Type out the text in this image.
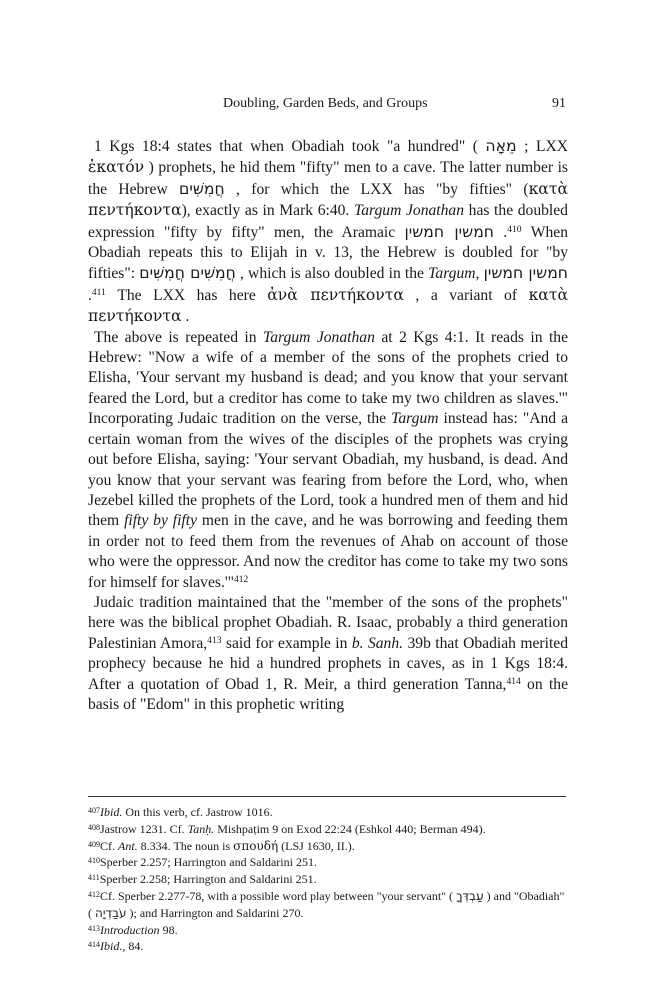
Doubling, Garden Beds, and Groups	91

1 Kgs 18:4 states that when Obadiah took "a hundred" ( מֵאָה ; LXX ἑκατόν ) prophets, he hid them "fifty" men to a cave. The latter number is the Hebrew חֲמִשִּׁים , for which the LXX has "by fifties" (κατὰ πεντήκοντα), exactly as in Mark 6:40. Targum Jonathan has the doubled expression "fifty by fifty" men, the Aramaic חמשין חמשין .$^{410}$ When Obadiah repeats this to Elijah in v. 13, the Hebrew is doubled for "by fifties": חֲמִשִּׁים חֲמִשִּׁים , which is also doubled in the Targum, חמשין חמשין .$^{411}$ The LXX has here ἀνὰ πεντήκοντα , a variant of κατὰ πεντήκοντα .

The above is repeated in Targum Jonathan at 2 Kgs 4:1. It reads in the Hebrew: "Now a wife of a member of the sons of the prophets cried to Elisha, 'Your servant my husband is dead; and you know that your servant feared the Lord, but a creditor has come to take my two children as slaves.'" Incorporating Judaic tradition on the verse, the Targum instead has: "And a certain woman from the wives of the disciples of the prophets was crying out before Elisha, saying: 'Your servant Obadiah, my husband, is dead. And you know that your servant was fearing from before the Lord, who, when Jezebel killed the prophets of the Lord, took a hundred men of them and hid them fifty by fifty men in the cave, and he was borrowing and feeding them in order not to feed them from the revenues of Ahab on account of those who were the oppressor. And now the creditor has come to take my two sons for himself for slaves.'"$^{412}$

Judaic tradition maintained that the "member of the sons of the prophets" here was the biblical prophet Obadiah. R. Isaac, probably a third generation Palestinian Amora,$^{413}$ said for example in b. Sanh. 39b that Obadiah merited prophecy because he hid a hundred prophets in caves, as in 1 Kgs 18:4. After a quotation of Obad 1, R. Meir, a third generation Tanna,$^{414}$ on the basis of "Edom" in this prophetic writing

$^{407}$Ibid. On this verb, cf. Jastrow 1016.
$^{408}$Jastrow 1231. Cf. Tanḥ. Mishpaṭim 9 on Exod 22:24 (Eshkol 440; Berman 494).
$^{409}$Cf. Ant. 8.334. The noun is σπουδή (LSJ 1630, II.).
$^{410}$Sperber 2.257; Harrington and Saldarini 251.
$^{411}$Sperber 2.258; Harrington and Saldarini 251.
$^{412}$Cf. Sperber 2.277-78, with a possible word play between "your servant" ( עַבְדְּךָ ) and "Obadiah" ( עֹבַדְיָה ); and Harrington and Saldarini 270.
$^{413}$Introduction 98.
$^{414}$Ibid., 84.
